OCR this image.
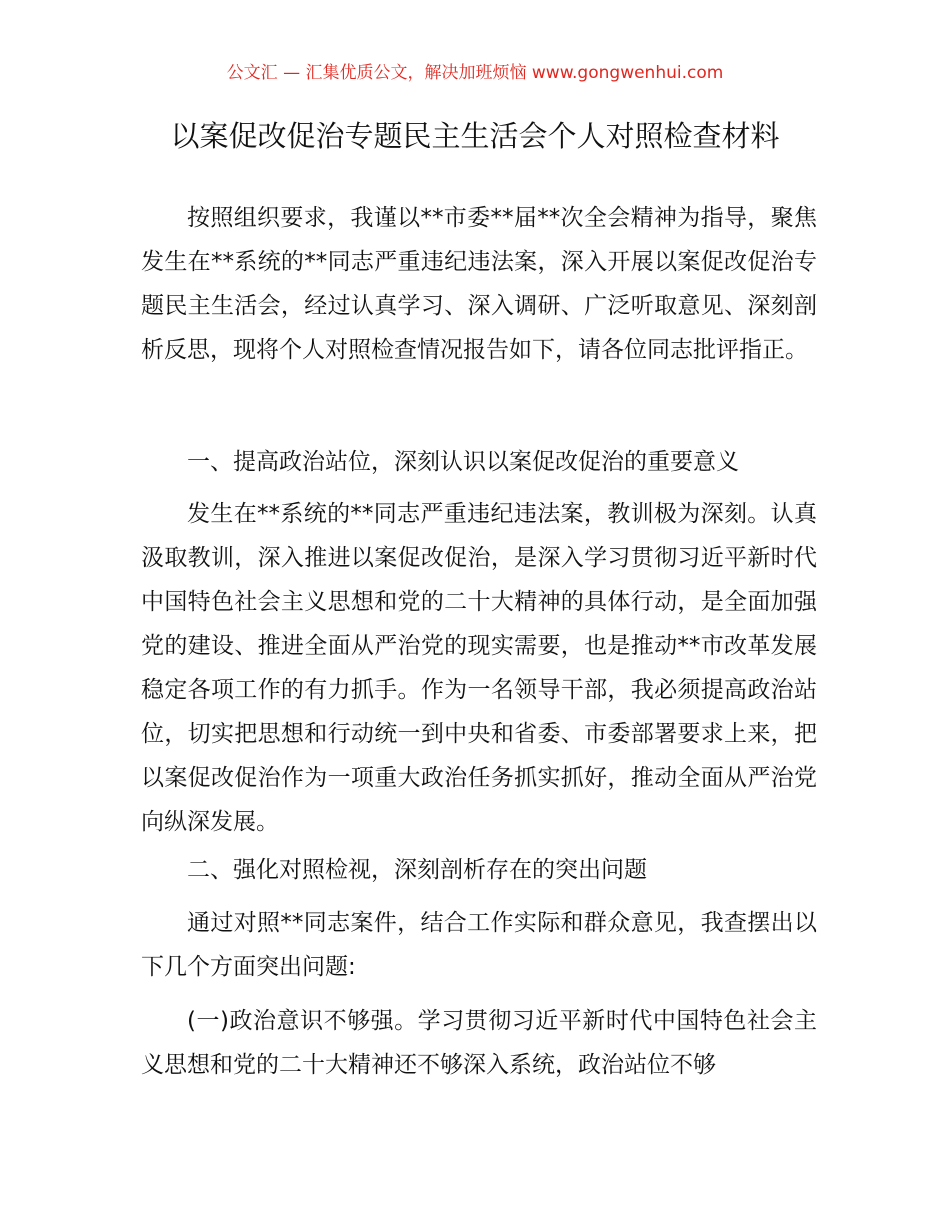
公文汇 — 汇集优质公文，解决加班烦恼 www.gongwenhui.com
以案促改促治专题民主生活会个人对照检查材料

按照组织要求，我谨以**市委**届**次全会精神为指导，聚焦发生在**系统的**同志严重违纪违法案，深入开展以案促改促治专题民主生活会，经过认真学习、深入调研、广泛听取意见、深刻剖析反思，现将个人对照检查情况报告如下，请各位同志批评指正。

一、提高政治站位，深刻认识以案促改促治的重要意义

发生在**系统的**同志严重违纪违法案，教训极为深刻。认真汲取教训，深入推进以案促改促治，是深入学习贯彻习近平新时代中国特色社会主义思想和党的二十大精神的具体行动，是全面加强党的建设、推进全面从严治党的现实需要，也是推动**市改革发展稳定各项工作的有力抓手。作为一名领导干部，我必须提高政治站位，切实把思想和行动统一到中央和省委、市委部署要求上来，把以案促改促治作为一项重大政治任务抓实抓好，推动全面从严治党向纵深发展。

二、强化对照检视，深刻剖析存在的突出问题

通过对照**同志案件，结合工作实际和群众意见，我查摆出以下几个方面突出问题:

(一)政治意识不够强。学习贯彻习近平新时代中国特色社会主义思想和党的二十大精神还不够深入系统，政治站位不够
